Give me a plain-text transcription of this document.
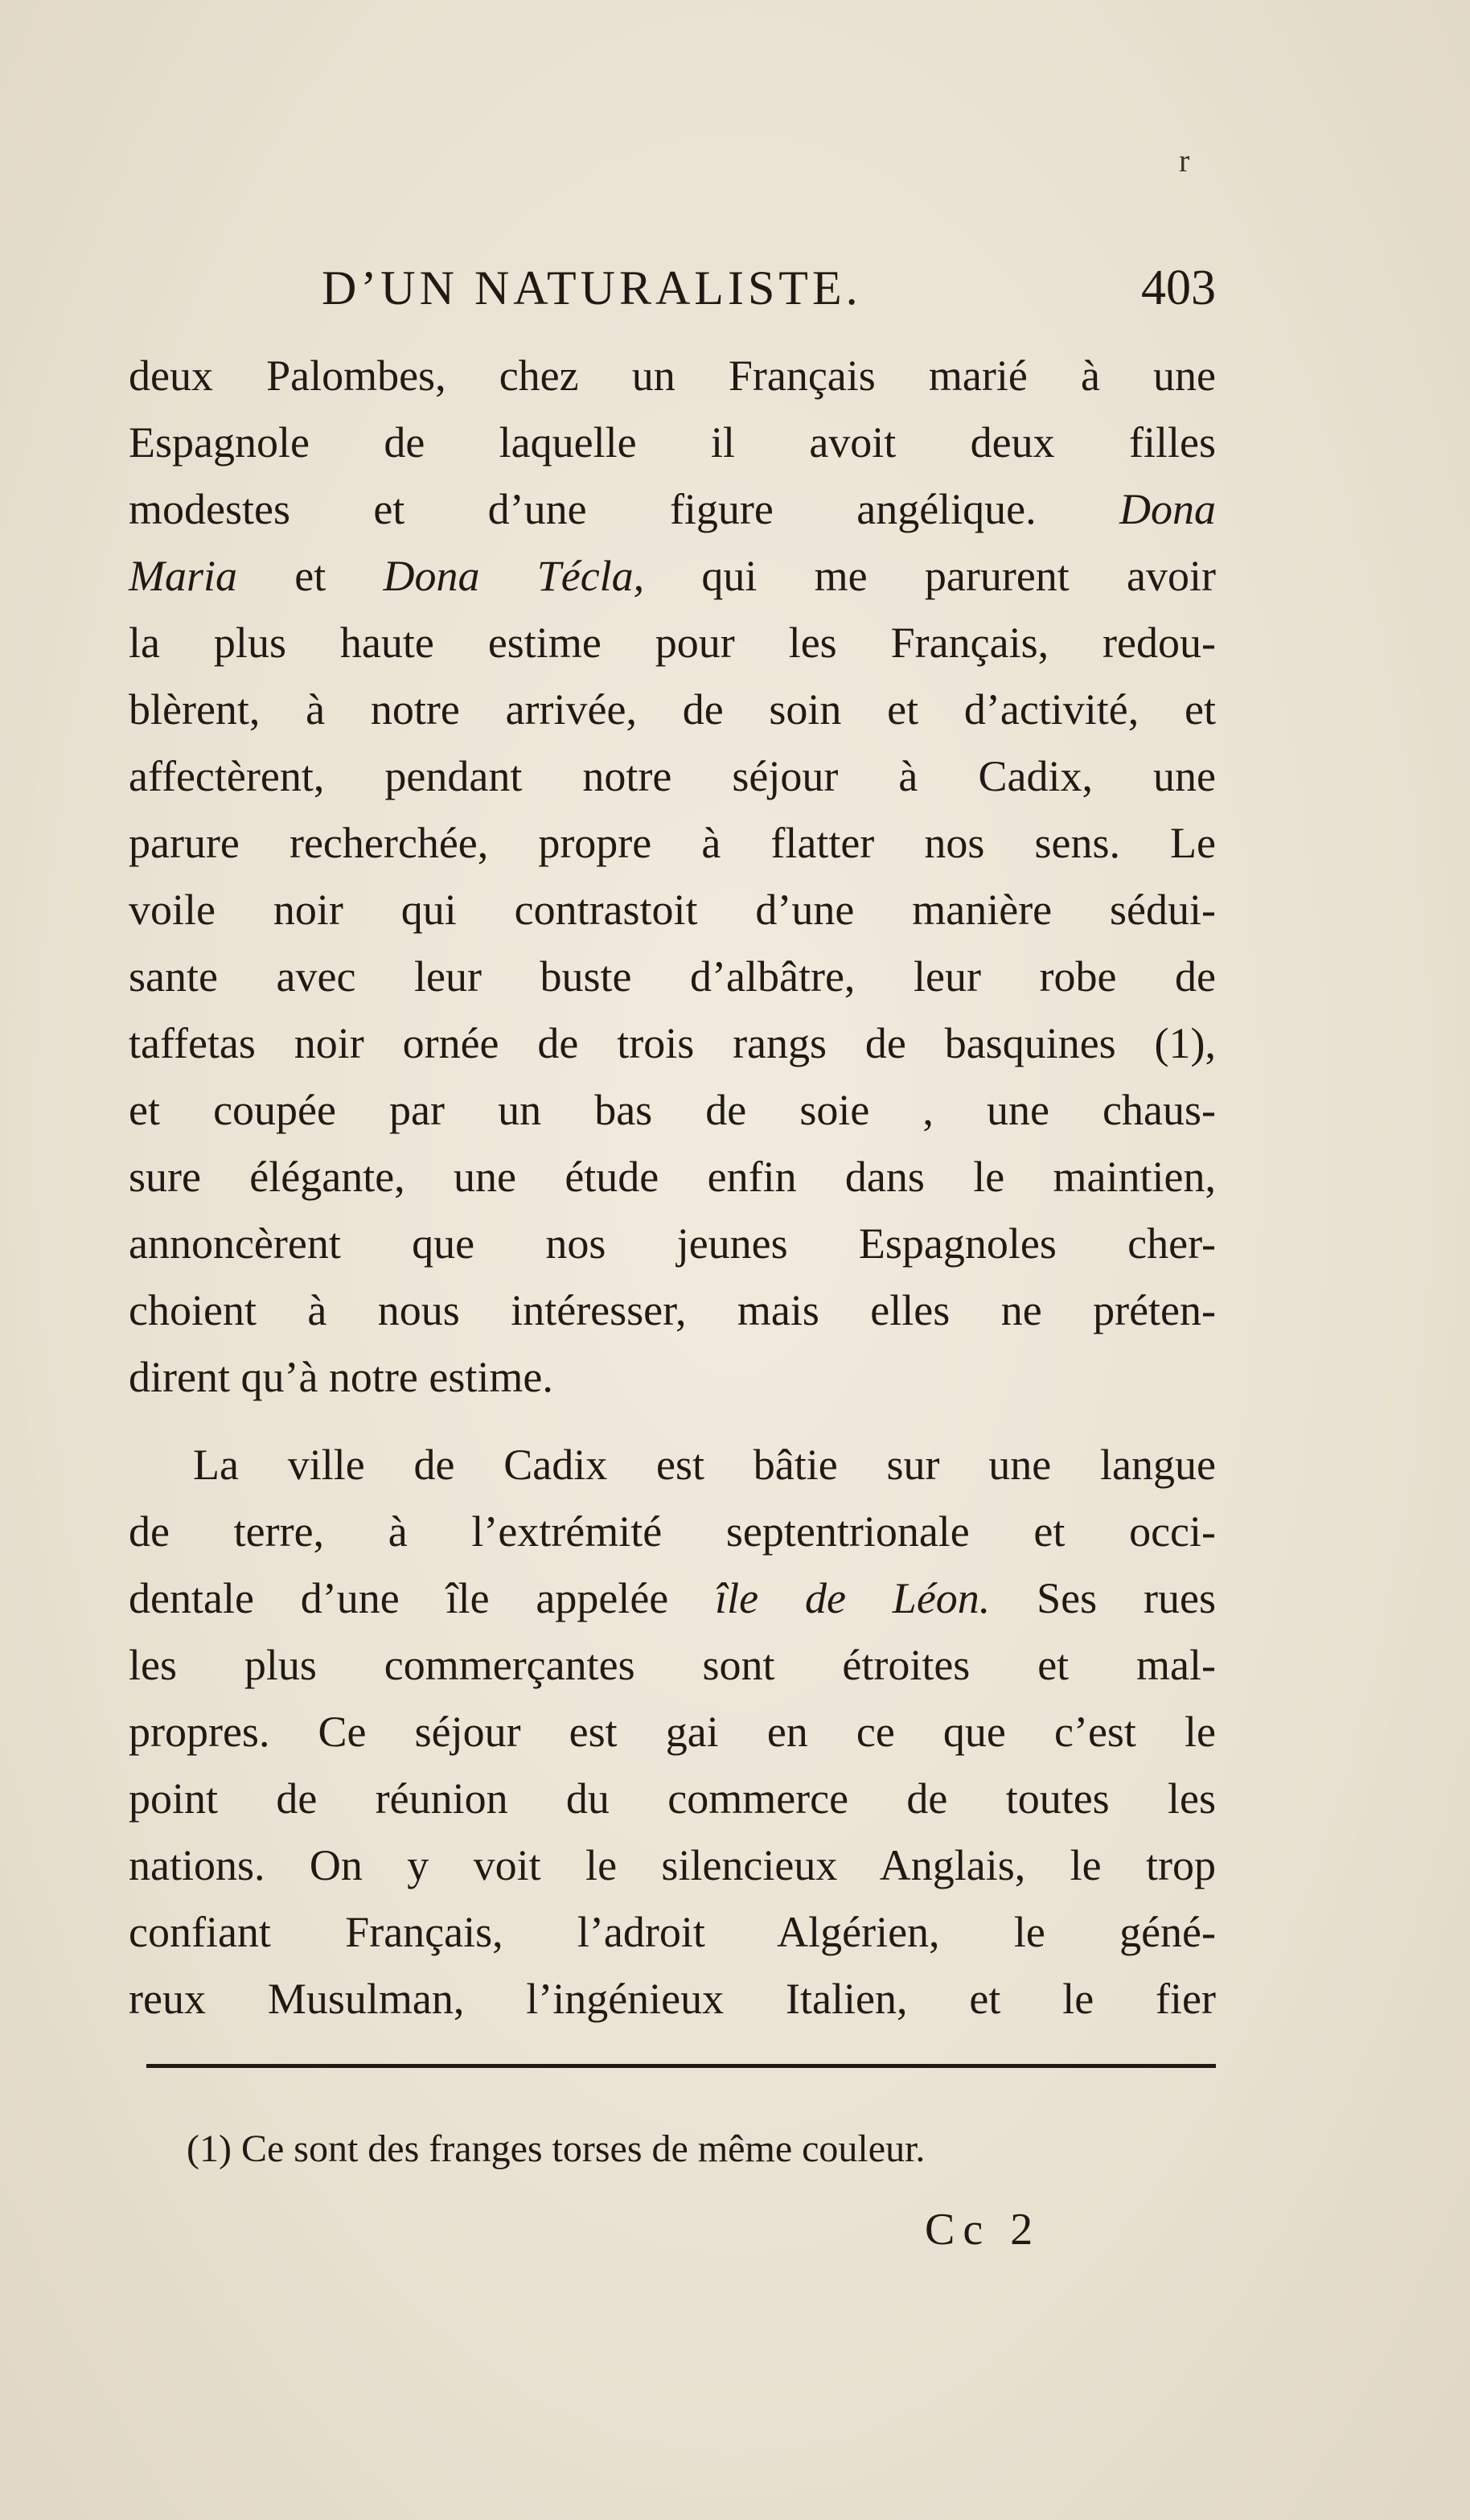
r
D’UN NATURALISTE.	403
deux Palombes, chez un Français marié à une
Espagnole de laquelle il avoit deux filles
modestes et d’une figure angélique. Dona
Maria et Dona Técla, qui me parurent avoir
la plus haute estime pour les Français, redou-
blèrent, à notre arrivée, de soin et d’activité, et
affectèrent, pendant notre séjour à Cadix, une
parure recherchée, propre à flatter nos sens. Le
voile noir qui contrastoit d’une manière sédui-
sante avec leur buste d’albâtre, leur robe de
taffetas noir ornée de trois rangs de basquines (1),
et coupée par un bas de soie , une chaus-
sure élégante, une étude enfin dans le maintien,
annoncèrent que nos jeunes Espagnoles cher-
choient à nous intéresser, mais elles ne préten-
dirent qu’à notre estime.
La ville de Cadix est bâtie sur une langue
de terre, à l’extrémité septentrionale et occi-
dentale d’une île appelée île de Léon. Ses rues
les plus commerçantes sont étroites et mal-
propres. Ce séjour est gai en ce que c’est le
point de réunion du commerce de toutes les
nations. On y voit le silencieux Anglais, le trop
confiant Français, l’adroit Algérien, le géné-
reux Musulman, l’ingénieux Italien, et le fier
(1) Ce sont des franges torses de même couleur.
Cc 2
